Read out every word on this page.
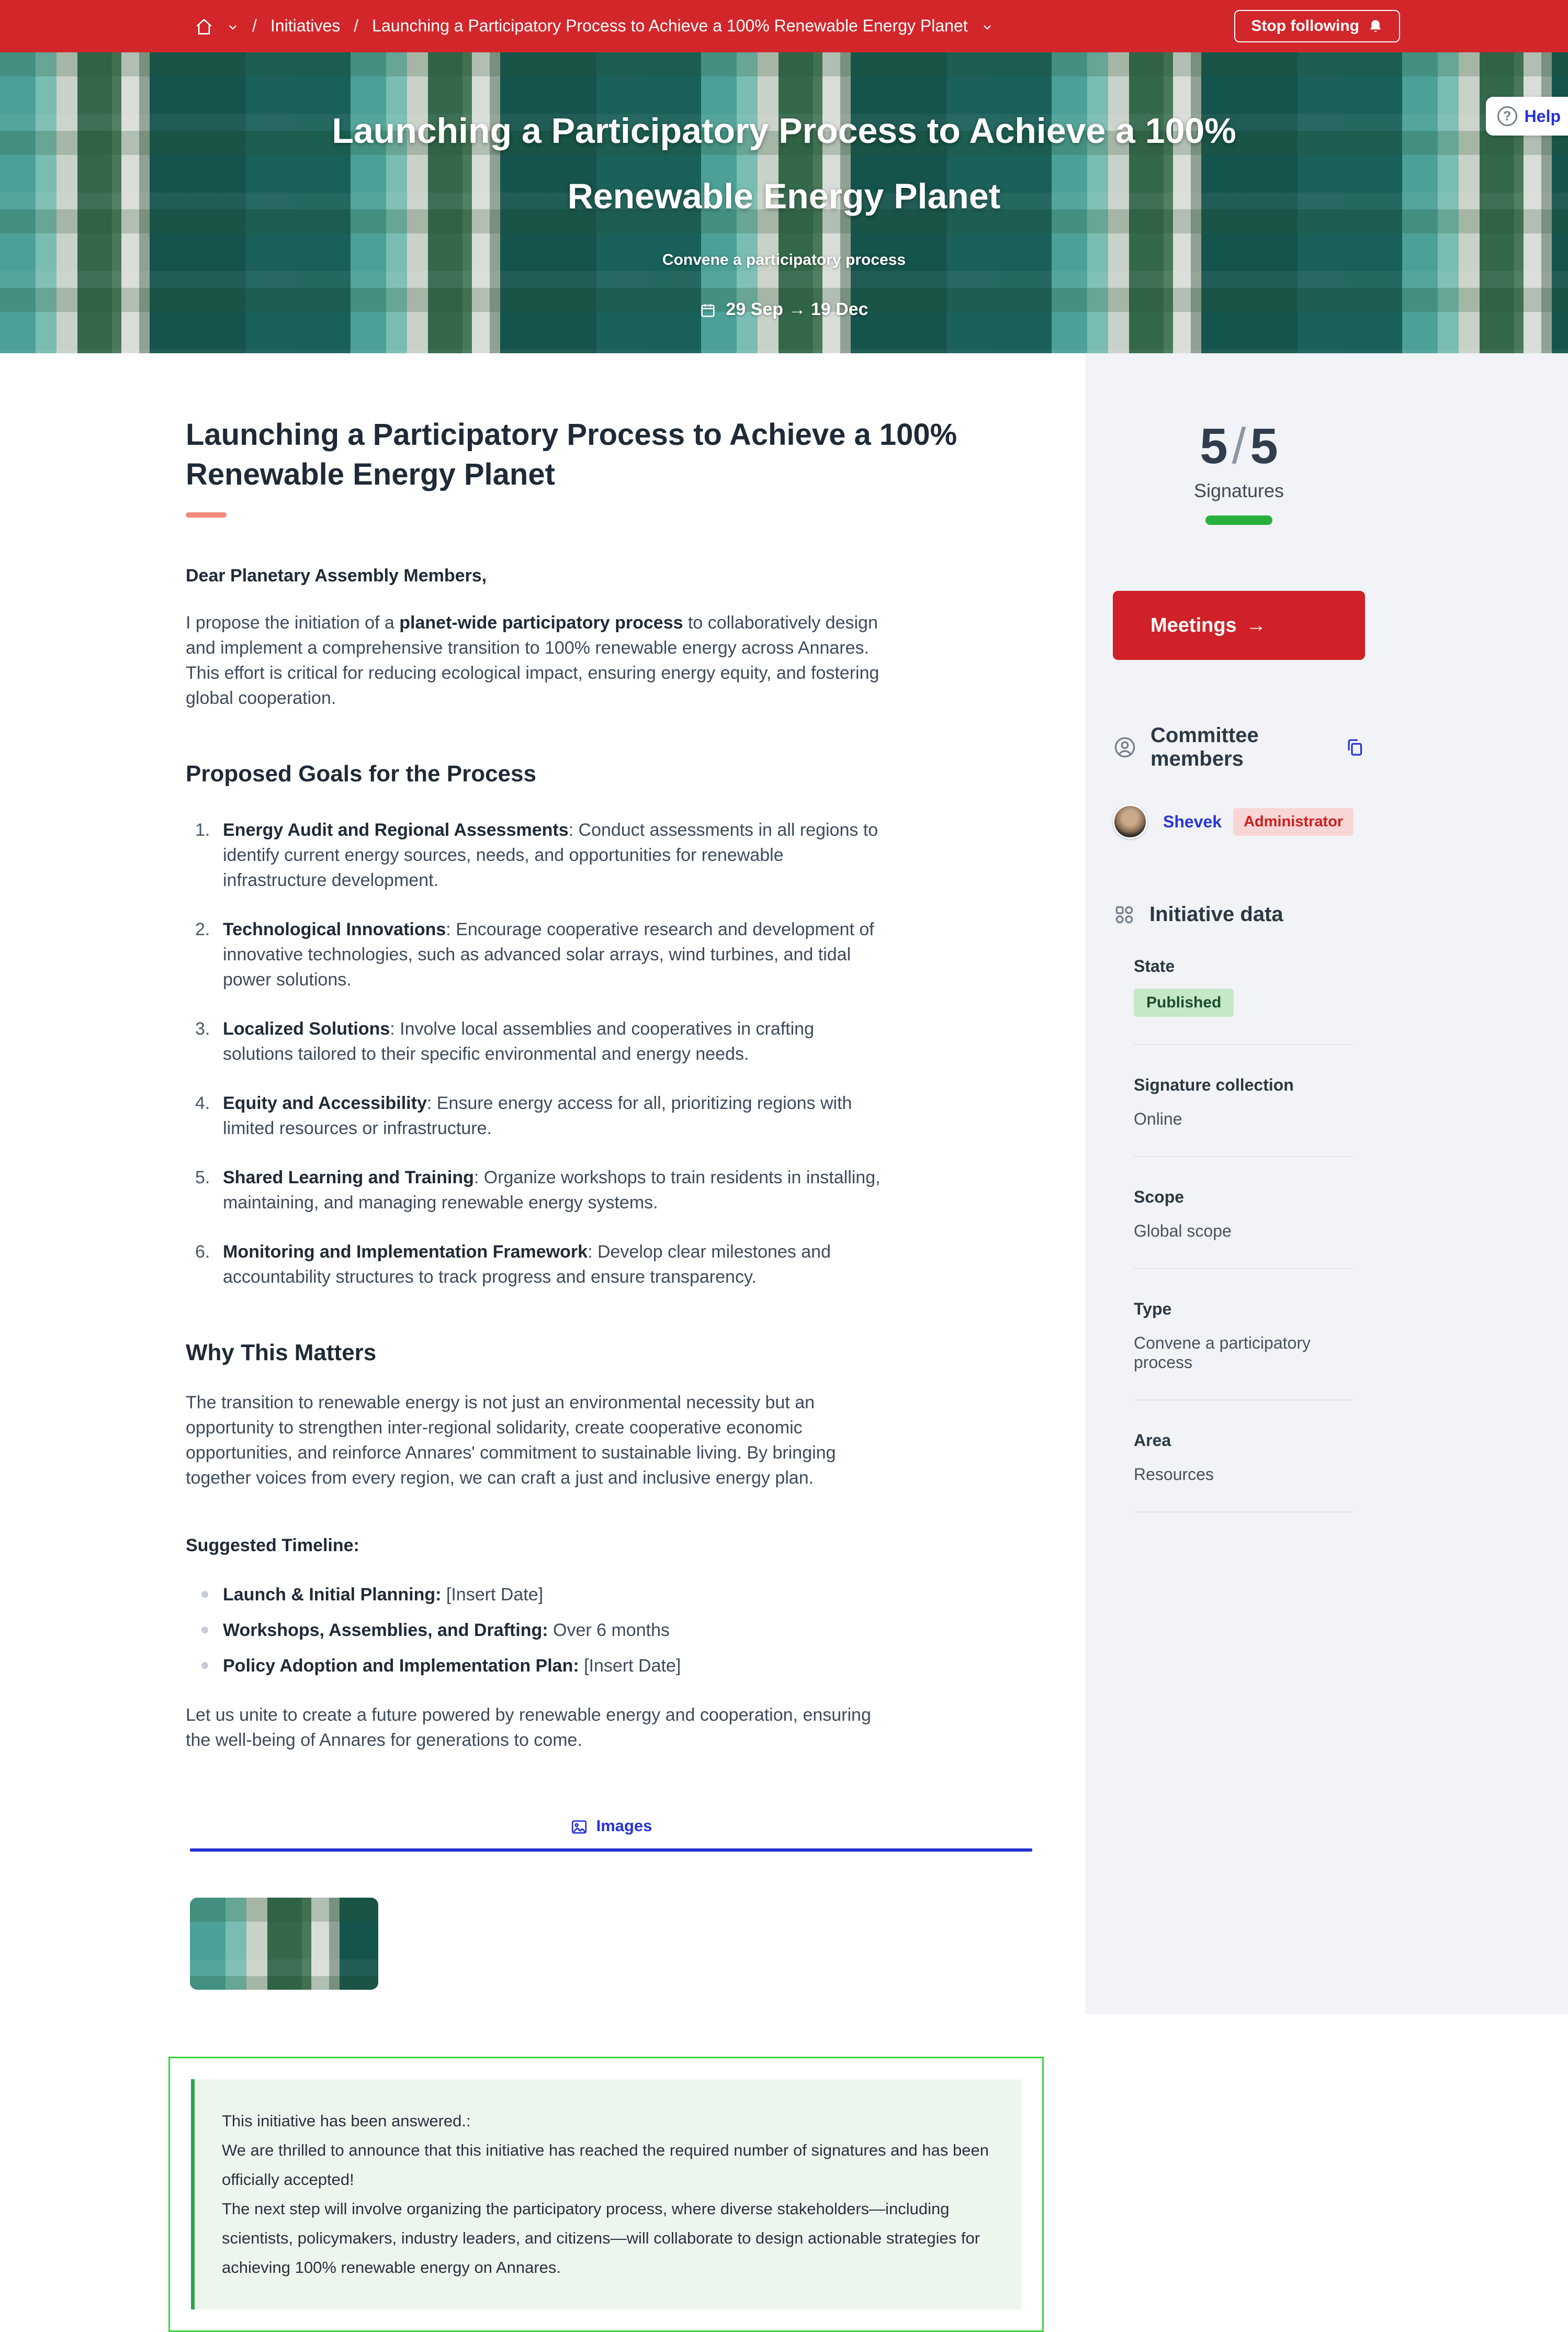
/ Initiatives / Launching a Participatory Process to Achieve a 100% Renewable Energy Planet	Stop following
Launching a Participatory Process to Achieve a 100% Renewable Energy Planet
Convene a participatory process
29 Sep → 19 Dec
?
Help
Launching a Participatory Process to Achieve a 100% Renewable Energy Planet

Dear Planetary Assembly Members,

I propose the initiation of a planet-wide participatory process to collaboratively design and implement a comprehensive transition to 100% renewable energy across Annares. This effort is critical for reducing ecological impact, ensuring energy equity, and fostering global cooperation.

Proposed Goals for the Process
Energy Audit and Regional Assessments: Conduct assessments in all regions to identify current energy sources, needs, and opportunities for renewable infrastructure development.
Technological Innovations: Encourage cooperative research and development of innovative technologies, such as advanced solar arrays, wind turbines, and tidal power solutions.
Localized Solutions: Involve local assemblies and cooperatives in crafting solutions tailored to their specific environmental and energy needs.
Equity and Accessibility: Ensure energy access for all, prioritizing regions with limited resources or infrastructure.
Shared Learning and Training: Organize workshops to train residents in installing, maintaining, and managing renewable energy systems.
Monitoring and Implementation Framework: Develop clear milestones and accountability structures to track progress and ensure transparency.
Why This Matters

The transition to renewable energy is not just an environmental necessity but an opportunity to strengthen inter-regional solidarity, create cooperative economic opportunities, and reinforce Annares' commitment to sustainable living. By bringing together voices from every region, we can craft a just and inclusive energy plan.

Suggested Timeline:
Launch & Initial Planning: [Insert Date]
Workshops, Assemblies, and Drafting: Over 6 months
Policy Adoption and Implementation Plan: [Insert Date]

Let us unite to create a future powered by renewable energy and cooperation, ensuring the well-being of Annares for generations to come.

Images

This initiative has been answered.:

We are thrilled to announce that this initiative has reached the required number of signatures and has been officially accepted!

The next step will involve organizing the participatory process, where diverse stakeholders—including scientists, policymakers, industry leaders, and citizens—will collaborate to design actionable strategies for achieving 100% renewable energy on Annares.

5/5
Signatures
Meetings →
Committee members
Shevek	Administrator
Initiative data
State
Published
Signature collection
Online
Scope
Global scope
Type
Convene a participatory process
Area
Resources
